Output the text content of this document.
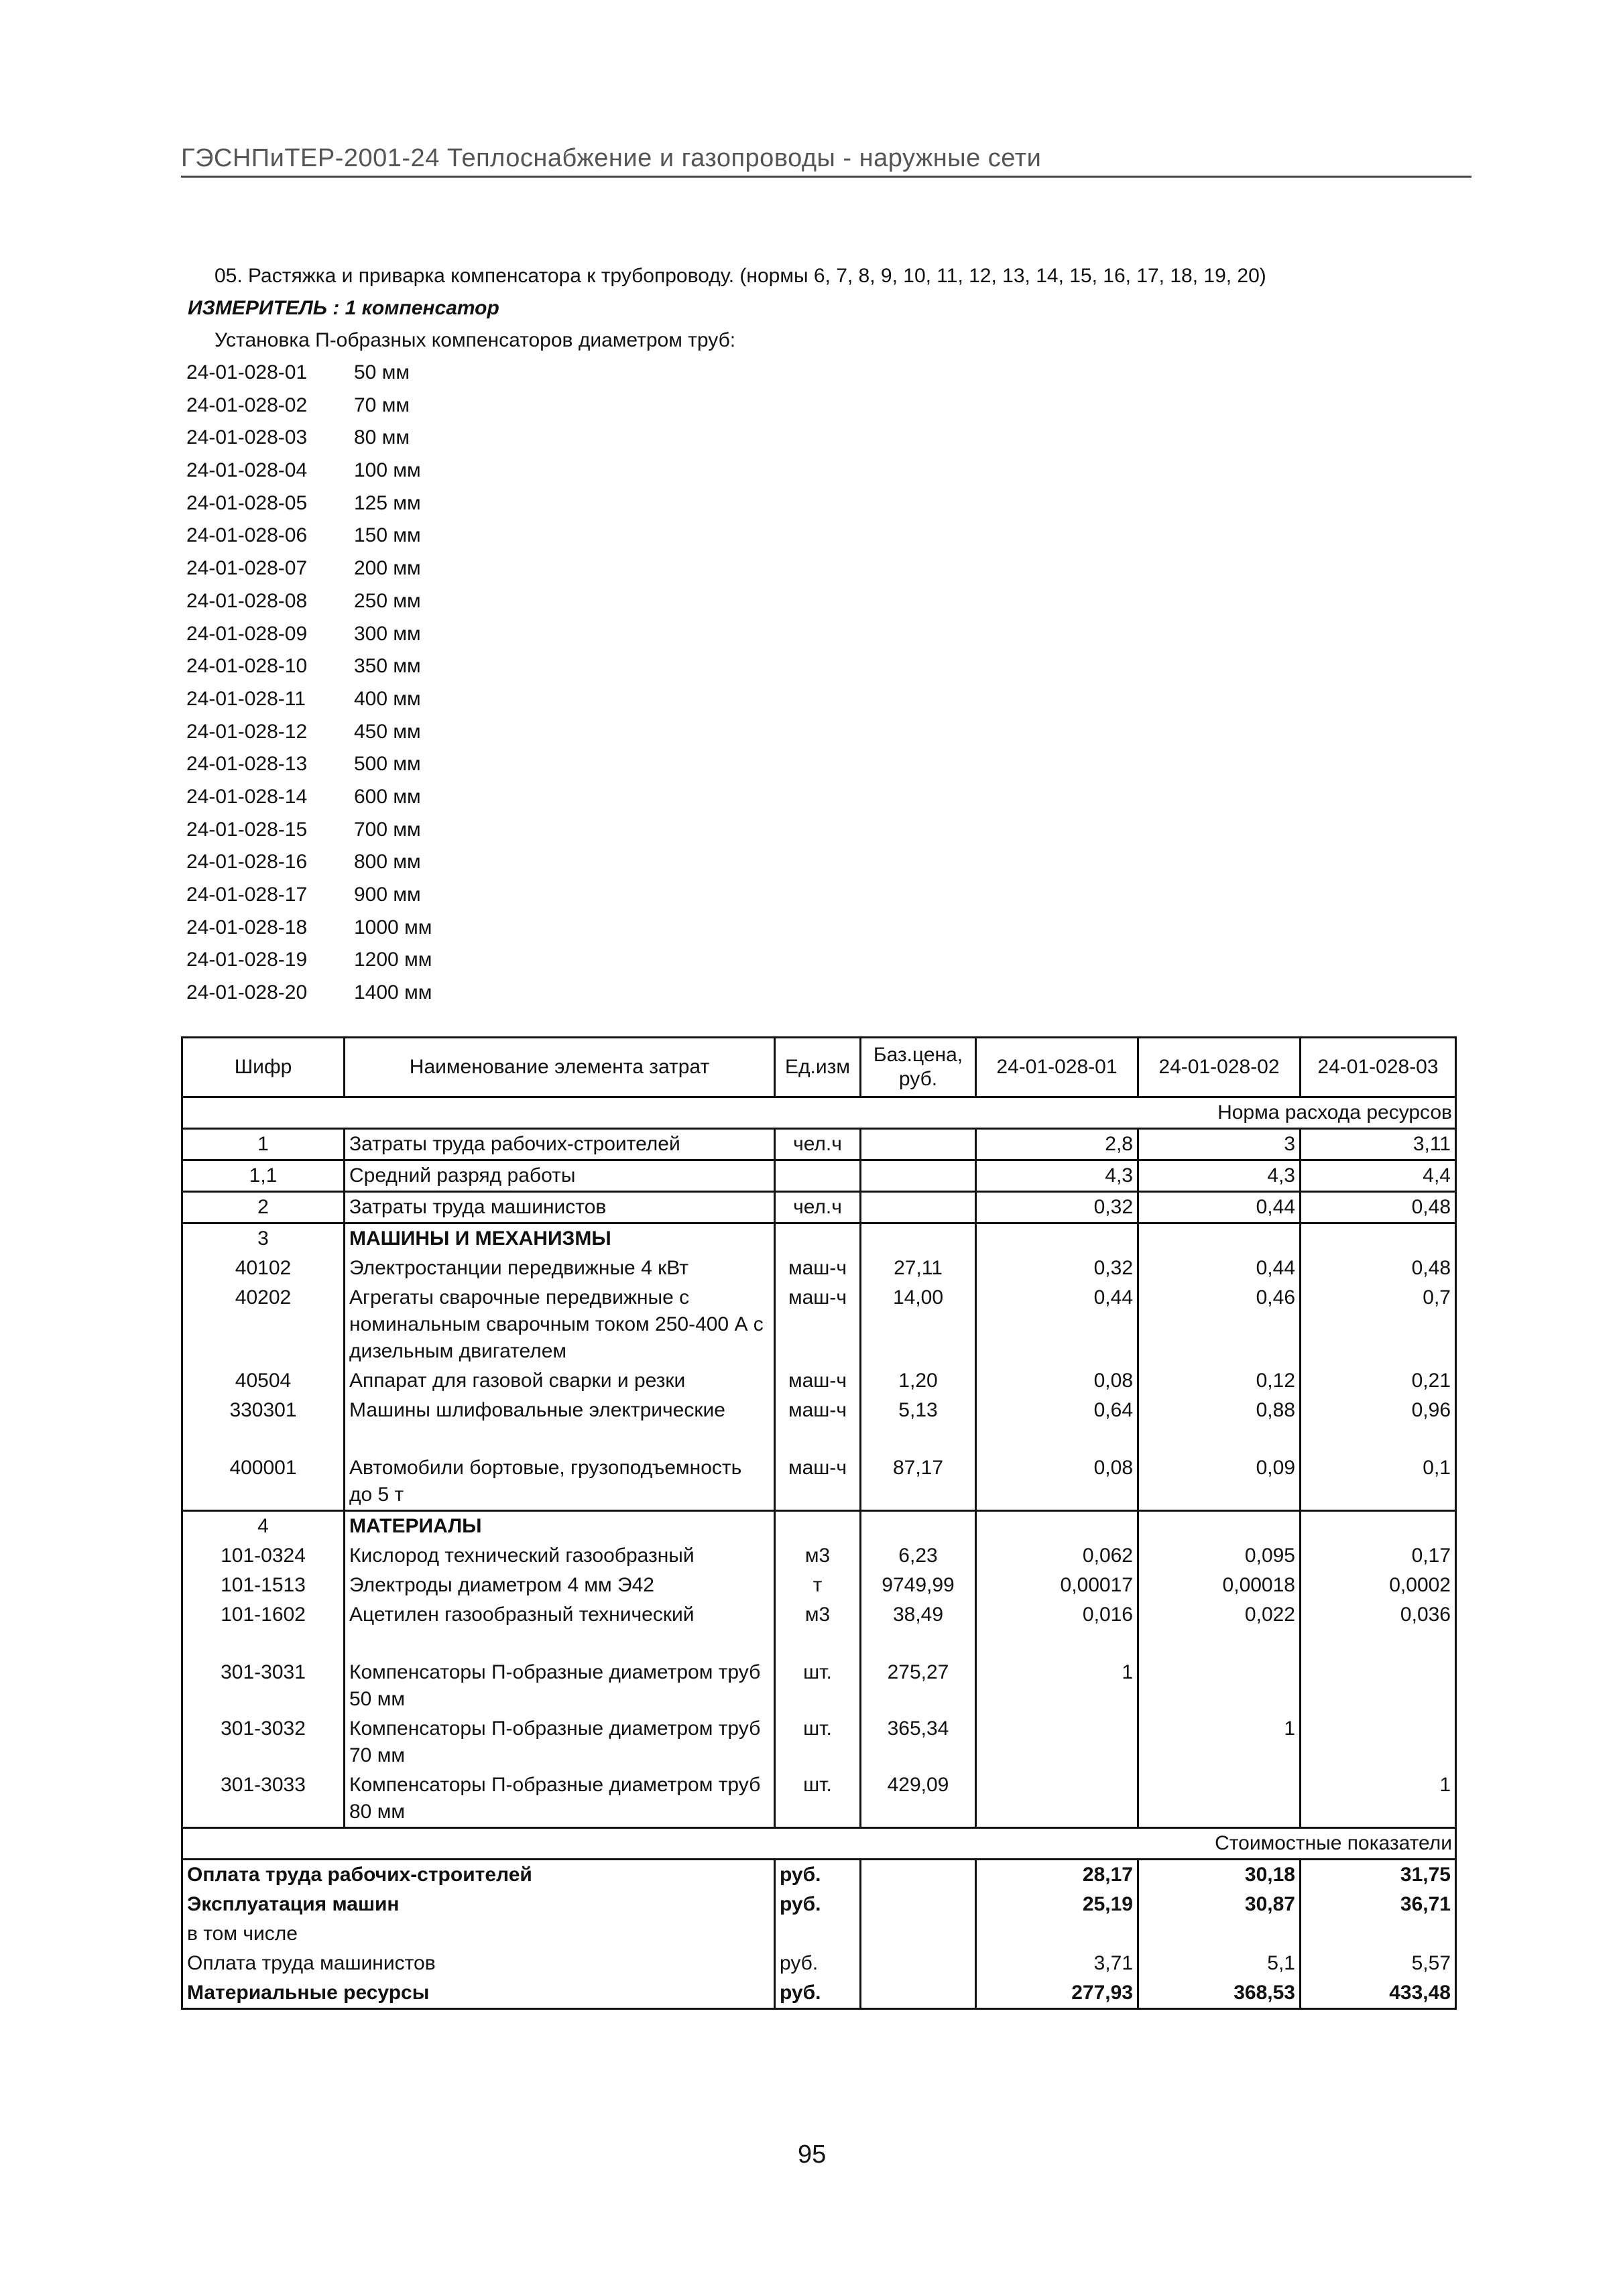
ГЭСНПиТЕР-2001-24 Теплоснабжение и газопроводы - наружные сети
05. Растяжка и приварка компенсатора к трубопроводу. (нормы 6, 7, 8, 9, 10, 11, 12, 13, 14, 15, 16, 17, 18, 19, 20)
ИЗМЕРИТЕЛЬ : 1 компенсатор
Установка П-образных компенсаторов диаметром труб:
24-01-028-01 50 мм
24-01-028-02 70 мм
24-01-028-03 80 мм
24-01-028-04 100 мм
24-01-028-05 125 мм
24-01-028-06 150 мм
24-01-028-07 200 мм
24-01-028-08 250 мм
24-01-028-09 300 мм
24-01-028-10 350 мм
24-01-028-11 400 мм
24-01-028-12 450 мм
24-01-028-13 500 мм
24-01-028-14 600 мм
24-01-028-15 700 мм
24-01-028-16 800 мм
24-01-028-17 900 мм
24-01-028-18 1000 мм
24-01-028-19 1200 мм
24-01-028-20 1400 мм
Шифр	Наименование элемента затрат	Ед.изм	Баз.цена, руб.	24-01-028-01	24-01-028-02	24-01-028-03
Норма расхода ресурсов						
1	Затраты труда рабочих-строителей	чел.ч		2,8	3	3,11
1,1	Средний разряд работы			4,3	4,3	4,4
2	Затраты труда машинистов	чел.ч		0,32	0,44	0,48
3	МАШИНЫ И МЕХАНИЗМЫ					
40102	Электростанции передвижные 4 кВт	маш-ч	27,11	0,32	0,44	0,48
40202	Агрегаты сварочные передвижные с номинальным сварочным током 250-400 А с дизельным двигателем	маш-ч	14,00	0,44	0,46	0,7
40504	Аппарат для газовой сварки и резки	маш-ч	1,20	0,08	0,12	0,21
330301	Машины шлифовальные электрические	маш-ч	5,13	0,64	0,88	0,96
400001	Автомобили бортовые, грузоподъемность до 5 т	маш-ч	87,17	0,08	0,09	0,1
4	МАТЕРИАЛЫ					
101-0324	Кислород технический газообразный	м3	6,23	0,062	0,095	0,17
101-1513	Электроды диаметром 4 мм Э42	т	9749,99	0,00017	0,00018	0,0002
101-1602	Ацетилен газообразный технический	м3	38,49	0,016	0,022	0,036
301-3031	Компенсаторы П-образные диаметром труб 50 мм	шт.	275,27	1		
301-3032	Компенсаторы П-образные диаметром труб 70 мм	шт.	365,34		1	
301-3033	Компенсаторы П-образные диаметром труб 80 мм	шт.	429,09			1
Стоимостные показатели						
Оплата труда рабочих-строителей		руб.		28,17	30,18	31,75
Эксплуатация машин		руб.		25,19	30,87	36,71
в том числе						
Оплата труда машинистов		руб.		3,71	5,1	5,57
Материальные ресурсы		руб.		277,93	368,53	433,48
95
